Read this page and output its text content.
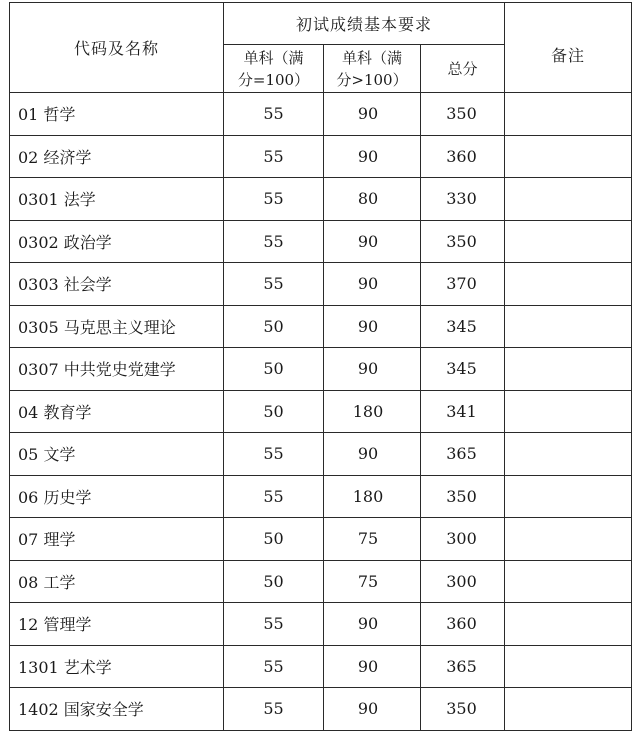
代码及名称	初试成绩基本要求			备注

	单科（满
分=100）	单科（满
分>100）	总分	
01 哲学	55	90	350	
02 经济学	55	90	360	
0301 法学	55	80	330	
0302 政治学	55	90	350	
0303 社会学	55	90	370	
0305 马克思主义理论	50	90	345	
0307 中共党史党建学	50	90	345	
04 教育学	50	180	341	
05 文学	55	90	365	
06 历史学	55	180	350	
07 理学	50	75	300	
08 工学	50	75	300	
12 管理学	55	90	360	
1301 艺术学	55	90	365	
1402 国家安全学	55	90	350	
